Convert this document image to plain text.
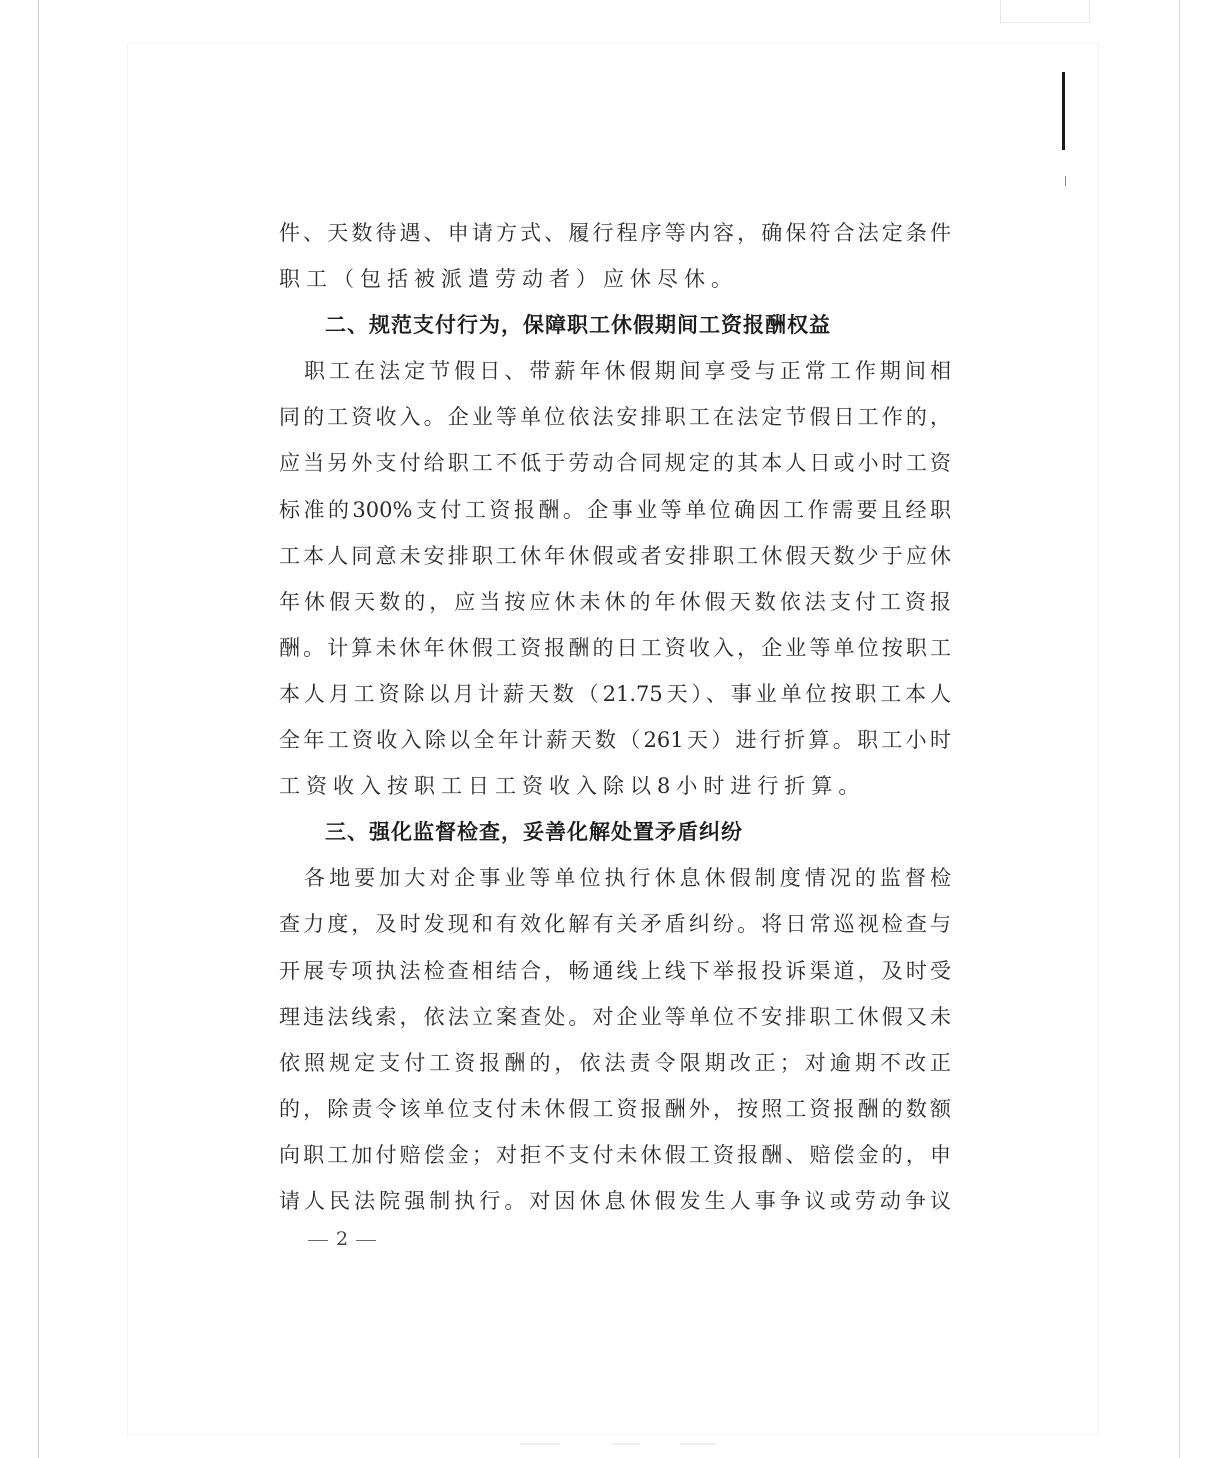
件、天数待遇、申请方式、履行程序等内容，确保符合法定条件
职工（包括被派遣劳动者）应休尽休。
二、规范支付行为，保障职工休假期间工资报酬权益
　职工在法定节假日、带薪年休假期间享受与正常工作期间相
同的工资收入。企业等单位依法安排职工在法定节假日工作的，
应当另外支付给职工不低于劳动合同规定的其本人日或小时工资
标准的300%支付工资报酬。企事业等单位确因工作需要且经职
工本人同意未安排职工休年休假或者安排职工休假天数少于应休
年休假天数的，应当按应休未休的年休假天数依法支付工资报
酬。计算未休年休假工资报酬的日工资收入，企业等单位按职工
本人月工资除以月计薪天数（21.75天）、事业单位按职工本人
全年工资收入除以全年计薪天数（261天）进行折算。职工小时
工资收入按职工日工资收入除以8小时进行折算。
三、强化监督检查，妥善化解处置矛盾纠纷
　各地要加大对企事业等单位执行休息休假制度情况的监督检
查力度，及时发现和有效化解有关矛盾纠纷。将日常巡视检查与
开展专项执法检查相结合，畅通线上线下举报投诉渠道，及时受
理违法线索，依法立案查处。对企业等单位不安排职工休假又未
依照规定支付工资报酬的，依法责令限期改正；对逾期不改正
的，除责令该单位支付未休假工资报酬外，按照工资报酬的数额
向职工加付赔偿金；对拒不支付未休假工资报酬、赔偿金的，申
请人民法院强制执行。对因休息休假发生人事争议或劳动争议
2
